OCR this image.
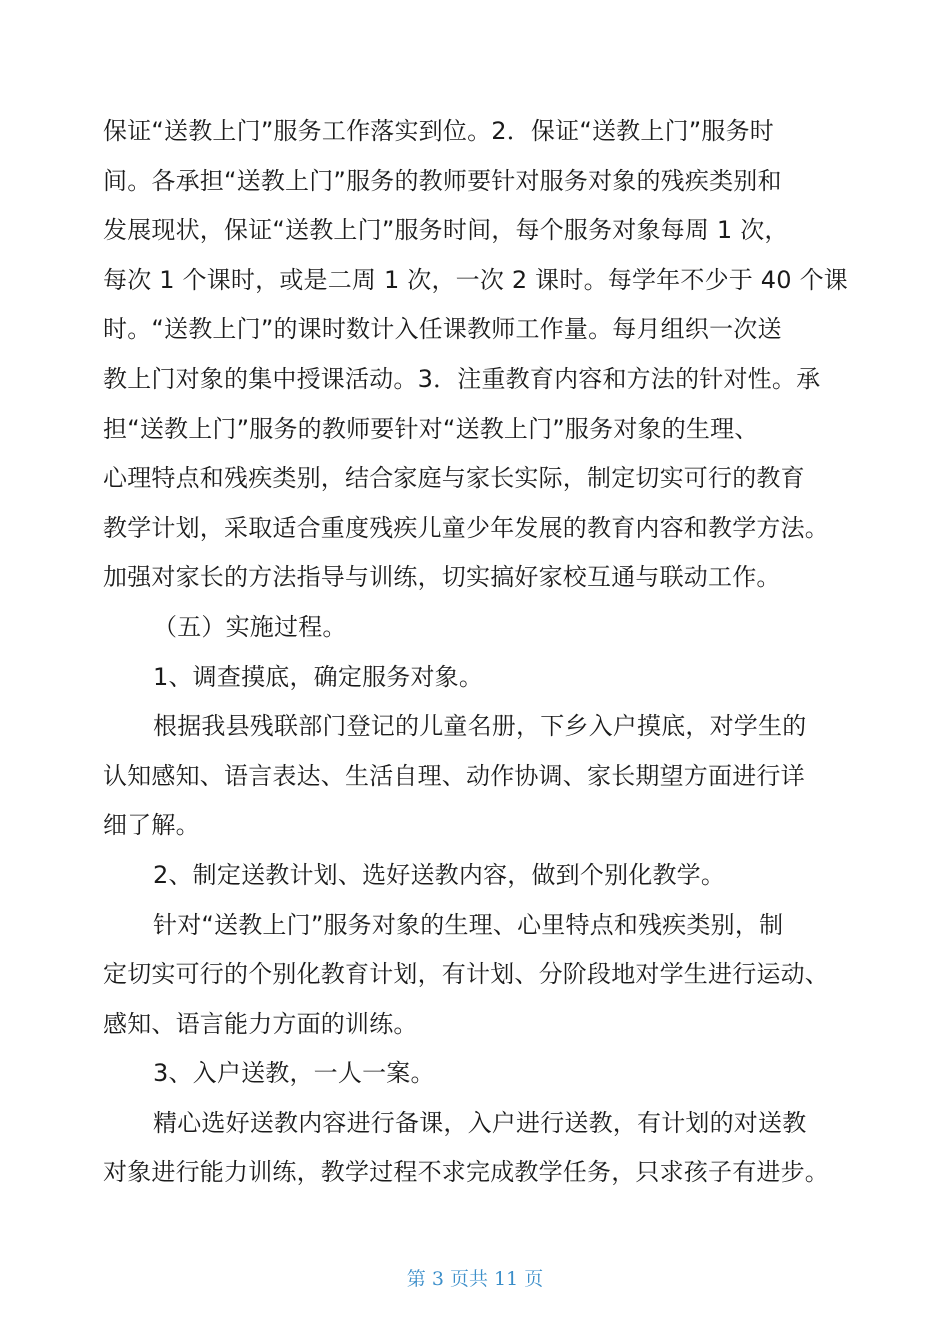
保证“送教上门”服务工作落实到位。2．保证“送教上门”服务时
间。各承担“送教上门”服务的教师要针对服务对象的残疾类别和
发展现状，保证“送教上门”服务时间，每个服务对象每周 1 次，
每次 1 个课时，或是二周 1 次，一次 2 课时。每学年不少于 40 个课
时。“送教上门”的课时数计入任课教师工作量。每月组织一次送
教上门对象的集中授课活动。3．注重教育内容和方法的针对性。承
担“送教上门”服务的教师要针对“送教上门”服务对象的生理、
心理特点和残疾类别，结合家庭与家长实际，制定切实可行的教育
教学计划，采取适合重度残疾儿童少年发展的教育内容和教学方法。
加强对家长的方法指导与训练，切实搞好家校互通与联动工作。
（五）实施过程。
1、调查摸底，确定服务对象。
根据我县残联部门登记的儿童名册，下乡入户摸底，对学生的
认知感知、语言表达、生活自理、动作协调、家长期望方面进行详
细了解。
2、制定送教计划、选好送教内容，做到个别化教学。
针对“送教上门”服务对象的生理、心里特点和残疾类别，制
定切实可行的个别化教育计划，有计划、分阶段地对学生进行运动、
感知、语言能力方面的训练。
3、入户送教，一人一案。
精心选好送教内容进行备课，入户进行送教，有计划的对送教
对象进行能力训练，教学过程不求完成教学任务，只求孩子有进步。
第 3 页共 11 页
